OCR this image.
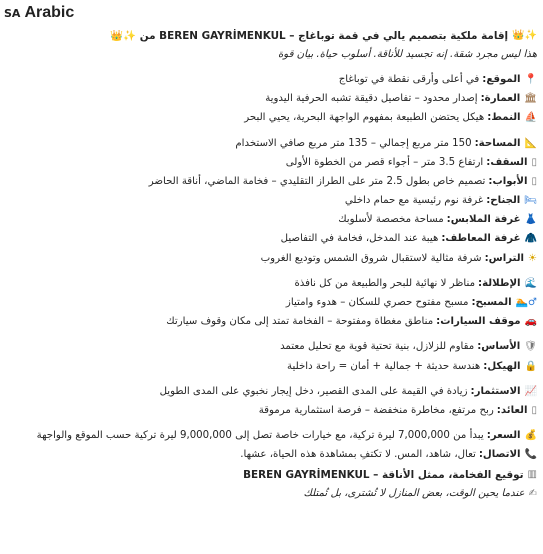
SA Arabic
✨👑
إقامة ملكية بتصميم يالي في قمة توباغاج – BEREN GAYRİMENKUL من ✨👑
هذا ليس مجرد شقة. إنه تجسيد للأناقة. أسلوب حياة. بيان قوة
📍
الموقع:
في أعلى وأرقى نقطة في توباغاج
🏛
العمارة:
إصدار محدود – تفاصيل دقيقة تشبه الحرفية اليدوية
⛵
النمط:
هيكل يحتضن الطبيعة بمفهوم الواجهة البحرية، يحيي البحر
📐
المساحة:
150 متر مربع إجمالي – 135 متر مربع صافي الاستخدام
▯
السقف:
ارتفاع 3.5 متر – أجواء قصر من الخطوة الأولى
▯
الأبواب:
تصميم خاص بطول 2.5 متر على الطراز التقليدي – فخامة الماضي، أناقة الحاضر
🛏
الجناح:
غرفة نوم رئيسية مع حمام داخلي
👗
غرفة الملابس:
مساحة مخصصة لأسلوبك
🧥
غرفة المعاطف:
هيبة عند المدخل، فخامة في التفاصيل
☀
التراس:
شرفة مثالية لاستقبال شروق الشمس وتوديع الغروب
🌊
الإطلالة:
مناظر لا نهائية للبحر والطبيعة من كل نافذة
♂🏊
المسبح:
مسبح مفتوح حصري للسكان – هدوء وامتياز
🚗
موقف السيارات:
مناطق مغطاة ومفتوحة – الفخامة تمتد إلى مكان وقوف سيارتك
🛡
الأساس:
مقاوم للزلازل، بنية تحتية قوية مع تحليل معتمد
🔒
الهيكل:
هندسة حديثة + جمالية + أمان = راحة داخلية
📈
الاستثمار:
زيادة في القيمة على المدى القصير، دخل إيجار نخبوي على المدى الطويل
▯
العائد:
ربح مرتفع، مخاطرة منخفضة – فرصة استثمارية مرموقة
💰
السعر:
يبدأ من 7,000,000 ليرة تركية، مع خيارات خاصة تصل إلى 9,000,000 ليرة تركية حسب الموقع والواجهة
📞
الاتصال:
تعال، شاهد، المس. لا تكتفِ بمشاهدة هذه الحياة، عشها.
▥
توقيع الفخامة، ممثل الأناقة – BEREN GAYRİMENKUL
✍
عندما يحين الوقت، بعض المنازل لا تُشترى، بل تُمتلك
